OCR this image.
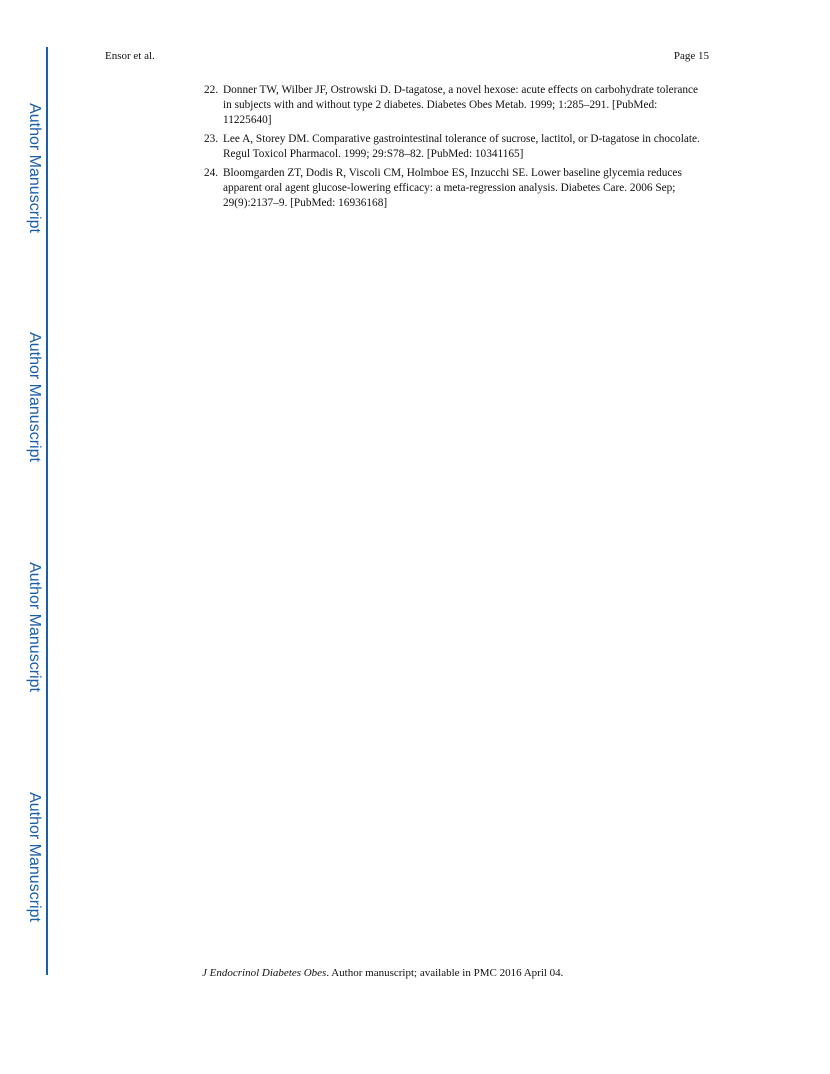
Author Manuscript
Author Manuscript
Author Manuscript
Author Manuscript
Ensor et al.	Page 15
22. Donner TW, Wilber JF, Ostrowski D. D-tagatose, a novel hexose: acute effects on carbohydrate tolerance in subjects with and without type 2 diabetes. Diabetes Obes Metab. 1999; 1:285–291. [PubMed: 11225640]
23. Lee A, Storey DM. Comparative gastrointestinal tolerance of sucrose, lactitol, or D-tagatose in chocolate. Regul Toxicol Pharmacol. 1999; 29:S78–82. [PubMed: 10341165]
24. Bloomgarden ZT, Dodis R, Viscoli CM, Holmboe ES, Inzucchi SE. Lower baseline glycemia reduces apparent oral agent glucose-lowering efficacy: a meta-regression analysis. Diabetes Care. 2006 Sep; 29(9):2137–9. [PubMed: 16936168]
J Endocrinol Diabetes Obes. Author manuscript; available in PMC 2016 April 04.
